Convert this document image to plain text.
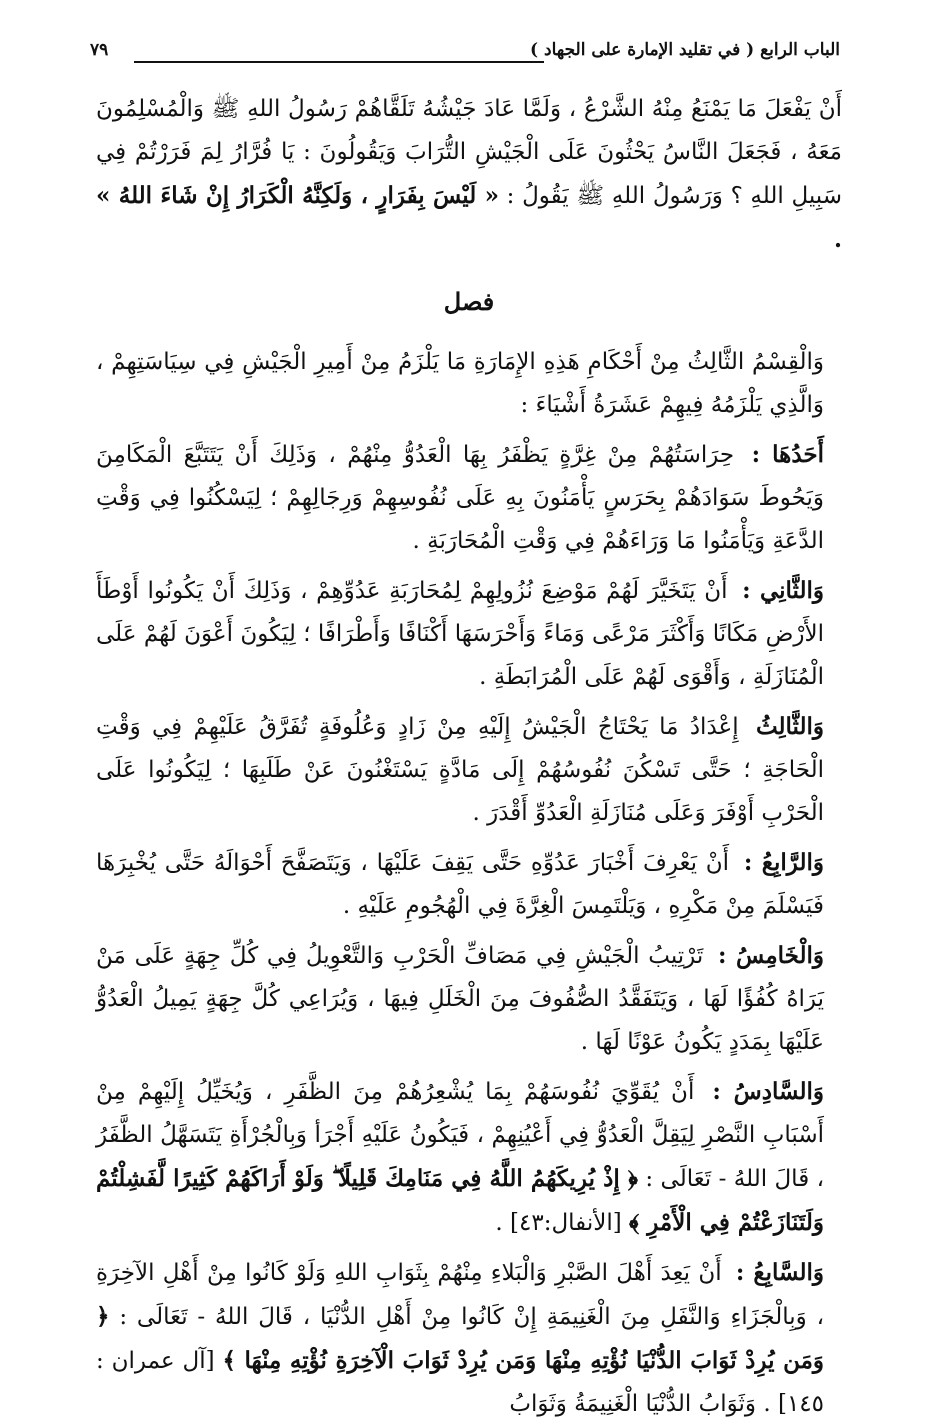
الباب الرابع ( في تقليد الإمارة على الجهاد )
٧٩

أَنْ يَفْعَلَ مَا يَمْنَعُ مِنْهُ الشَّرْعُ ، وَلَمَّا عَادَ جَيْشُهُ تَلَقَّاهُمْ رَسُولُ اللهِ ﷺ وَالْمُسْلِمُونَ مَعَهُ ، فَجَعَلَ النَّاسُ يَحْثُونَ عَلَى الْجَيْشِ التُّرَابَ وَيَقُولُونَ : يَا فُرَّارُ لِمَ فَرَرْتُمْ فِي سَبِيلِ اللهِ ؟ وَرَسُولُ اللهِ ﷺ يَقُولُ : « لَيْسَ بِفَرَارٍ ، وَلَكِنَّهُ الْكَرَارُ إِنْ شَاءَ اللهُ » .

فصل

وَالْقِسْمُ الثَّالِثُ مِنْ أَحْكَامِ هَذِهِ الإِمَارَةِ مَا يَلْزَمُ مِنْ أَمِيرِ الْجَيْشِ فِي سِيَاسَتِهِمْ ، وَالَّذِي يَلْزَمُهُ فِيهِمْ عَشَرَةُ أَشْيَاءَ :

أَحَدُهَا : حِرَاسَتُهُمْ مِنْ غِرَّةٍ يَظْفَرُ بِهَا الْعَدُوُّ مِنْهُمْ ، وَذَلِكَ أَنْ يَتَتَبَّعَ الْمَكَامِنَ وَيَحُوطَ سَوَادَهُمْ بِحَرَسٍ يَأْمَنُونَ بِهِ عَلَى نُفُوسِهِمْ وَرِجَالِهِمْ ؛ لِيَسْكُنُوا فِي وَقْتِ الدَّعَةِ وَيَأْمَنُوا مَا وَرَاءَهُمْ فِي وَقْتِ الْمُحَارَبَةِ .

وَالثَّانِي : أَنْ يَتَخَيَّرَ لَهُمْ مَوْضِعَ نُزُولِهِمْ لِمُحَارَبَةِ عَدُوِّهِمْ ، وَذَلِكَ أَنْ يَكُونُوا أَوْطَأَ الأَرْضِ مَكَانًا وَأَكْثَرَ مَرْعًى وَمَاءً وَأَحْرَسَهَا أَكْنَافًا وَأَطْرَافًا ؛ لِيَكُونَ أَعْوَنَ لَهُمْ عَلَى الْمُنَازَلَةِ ، وَأَقْوَى لَهُمْ عَلَى الْمُرَابَطَةِ .

وَالثَّالِثُ إِعْدَادُ مَا يَحْتَاجُ الْجَيْشُ إِلَيْهِ مِنْ زَادٍ وَعُلُوفَةٍ تُفَرَّقُ عَلَيْهِمْ فِي وَقْتِ الْحَاجَةِ ؛ حَتَّى تَسْكُنَ نُفُوسُهُمْ إِلَى مَادَّةٍ يَسْتَغْنُونَ عَنْ طَلَبِهَا ؛ لِيَكُونُوا عَلَى الْحَرْبِ أَوْفَرَ وَعَلَى مُنَازَلَةِ الْعَدُوِّ أَقْدَرَ .

وَالرَّابِعُ : أَنْ يَعْرِفَ أَخْبَارَ عَدُوِّهِ حَتَّى يَقِفَ عَلَيْهَا ، وَيَتَصَفَّحَ أَحْوَالَهُ حَتَّى يُخْبِرَهَا فَيَسْلَمَ مِنْ مَكْرِهِ ، وَيَلْتَمِسَ الْغِرَّةَ فِي الْهُجُومِ عَلَيْهِ .

وَالْخَامِسُ : تَرْتِيبُ الْجَيْشِ فِي مَصَافِّ الْحَرْبِ وَالتَّعْوِيلُ فِي كُلِّ جِهَةٍ عَلَى مَنْ يَرَاهُ كُفُؤًا لَهَا ، وَيَتَفَقَّدُ الصُّفُوفَ مِنَ الْخَلَلِ فِيهَا ، وَيُرَاعِي كُلَّ جِهَةٍ يَمِيلُ الْعَدُوُّ عَلَيْهَا بِمَدَدٍ يَكُونُ عَوْنًا لَهَا .

وَالسَّادِسُ : أَنْ يُقَوِّيَ نُفُوسَهُمْ بِمَا يُشْعِرُهُمْ مِنَ الظَّفَرِ ، وَيُخَيِّلُ إِلَيْهِمْ مِنْ أَسْبَابِ النَّصْرِ لِيَقِلَّ الْعَدُوُّ فِي أَعْيُنِهِمْ ، فَيَكُونُ عَلَيْهِ أَجْرَأ وَبِالْجُرْأَةِ يَتَسَهَّلُ الظَّفَرُ ، قَالَ اللهُ - تَعَالَى : ﴿ إِذْ يُرِيكَهُمُ اللَّهُ فِي مَنَامِكَ قَلِيلًا ۖ وَلَوْ أَرَاكَهُمْ كَثِيرًا لَّفَشِلْتُمْ وَلَتَنَازَعْتُمْ فِي الْأَمْرِ ﴾ [الأنفال:٤٣] .

وَالسَّابِعُ : أَنْ يَعِدَ أَهْلَ الصَّبْرِ وَالْبَلاءِ مِنْهُمْ بِثَوَابِ اللهِ وَلَوْ كَانُوا مِنْ أَهْلِ الآخِرَةِ ، وَبِالْجَزَاءِ وَالنَّفَلِ مِنَ الْغَنِيمَةِ إِنْ كَانُوا مِنْ أَهْلِ الدُّنْيَا ، قَالَ اللهُ - تَعَالَى : ﴿ وَمَن يُرِدْ ثَوَابَ الدُّنْيَا نُؤْتِهِ مِنْهَا وَمَن يُرِدْ ثَوَابَ الْآخِرَةِ نُؤْتِهِ مِنْهَا ﴾ [آل عمران : ١٤٥] . وَثَوَابُ الدُّنْيَا الْغَنِيمَةُ وَثَوَابُ
